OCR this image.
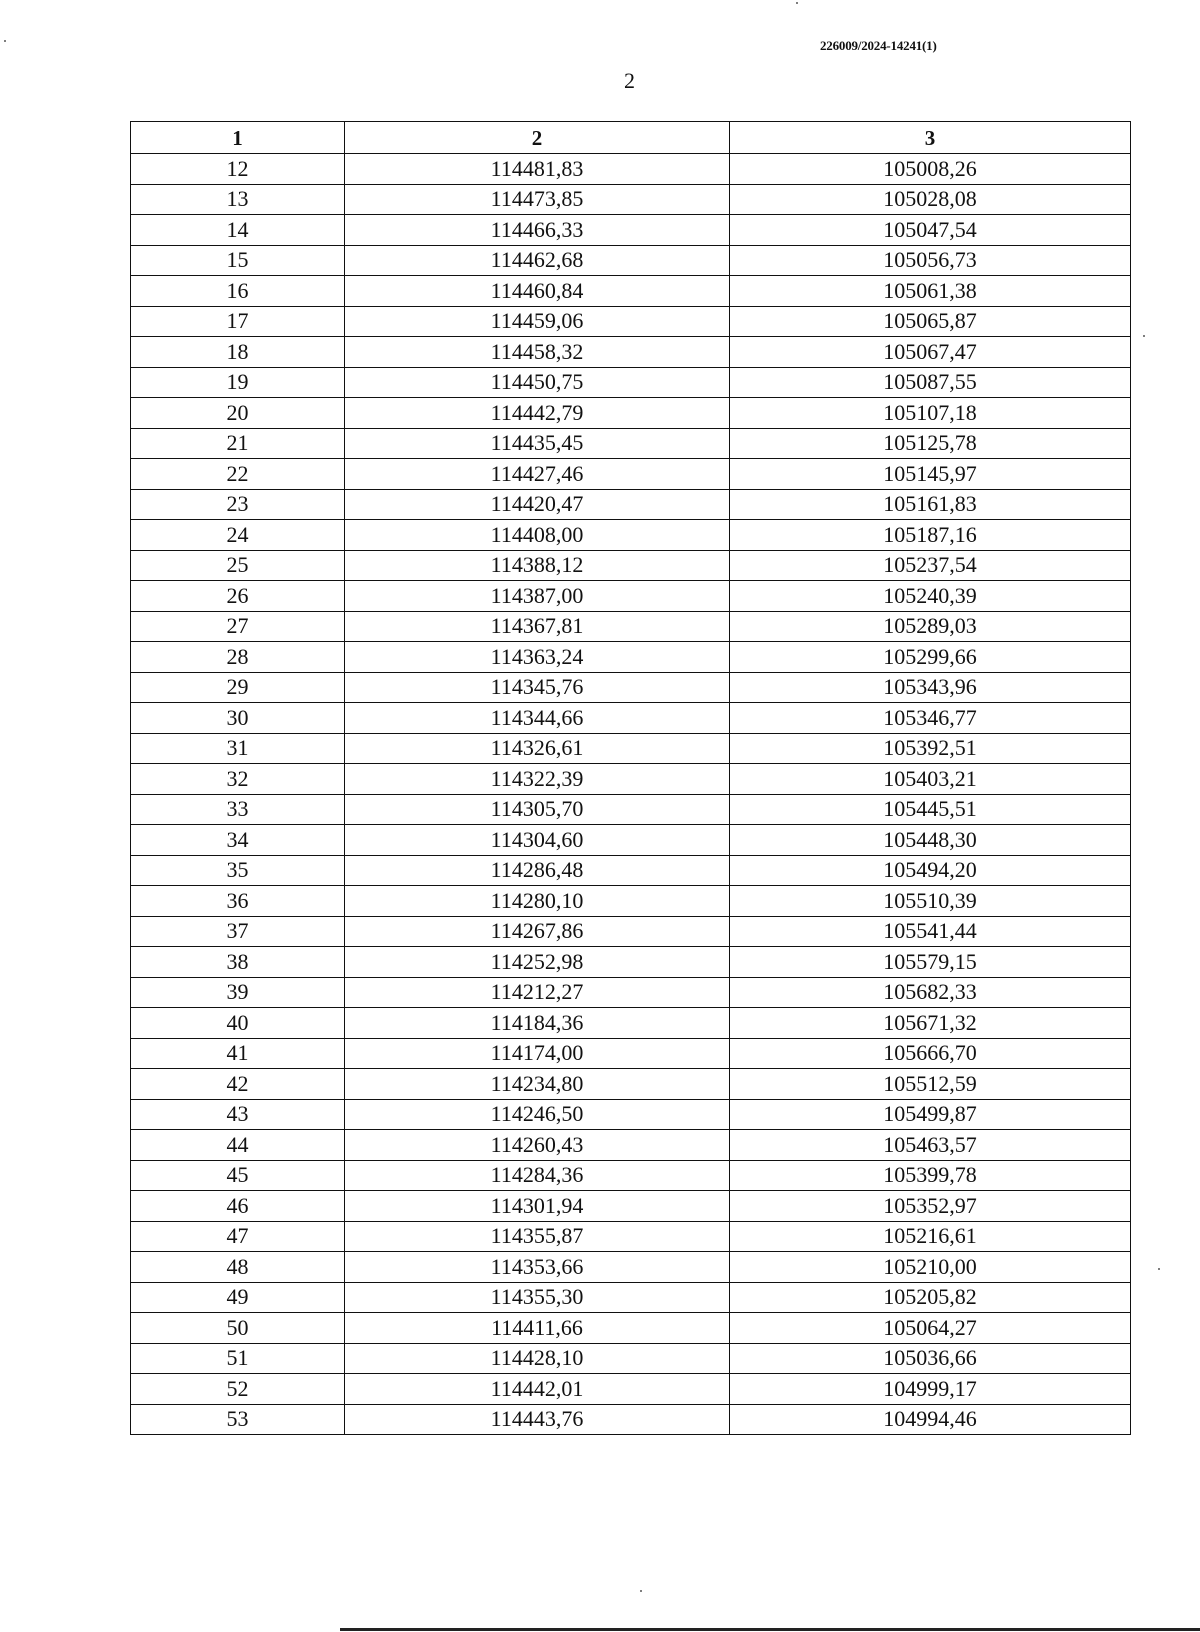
226009/2024-14241(1)
2
1	2	3
12	114481,83	105008,26
13	114473,85	105028,08
14	114466,33	105047,54
15	114462,68	105056,73
16	114460,84	105061,38
17	114459,06	105065,87
18	114458,32	105067,47
19	114450,75	105087,55
20	114442,79	105107,18
21	114435,45	105125,78
22	114427,46	105145,97
23	114420,47	105161,83
24	114408,00	105187,16
25	114388,12	105237,54
26	114387,00	105240,39
27	114367,81	105289,03
28	114363,24	105299,66
29	114345,76	105343,96
30	114344,66	105346,77
31	114326,61	105392,51
32	114322,39	105403,21
33	114305,70	105445,51
34	114304,60	105448,30
35	114286,48	105494,20
36	114280,10	105510,39
37	114267,86	105541,44
38	114252,98	105579,15
39	114212,27	105682,33
40	114184,36	105671,32
41	114174,00	105666,70
42	114234,80	105512,59
43	114246,50	105499,87
44	114260,43	105463,57
45	114284,36	105399,78
46	114301,94	105352,97
47	114355,87	105216,61
48	114353,66	105210,00
49	114355,30	105205,82
50	114411,66	105064,27
51	114428,10	105036,66
52	114442,01	104999,17
53	114443,76	104994,46
